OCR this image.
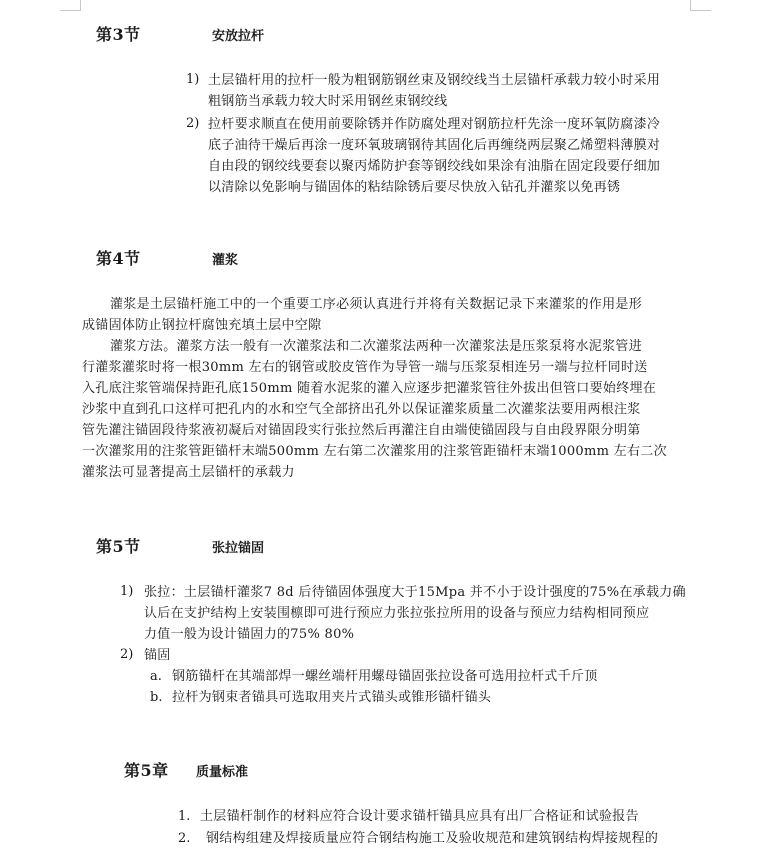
第3节	安放拉杆
1) 土层锚杆用的拉杆一般为粗钢筋钢丝束及钢绞线当土层锚杆承载力较小时采用
粗钢筋当承载力较大时采用钢丝束钢绞线
2) 拉杆要求顺直在使用前要除锈并作防腐处理对钢筋拉杆先涂一度环氧防腐漆冷
底子油待干燥后再涂一度环氧玻璃钢待其固化后再缠绕两层聚乙烯塑料薄膜对
自由段的钢绞线要套以聚丙烯防护套等钢绞线如果涂有油脂在固定段要仔细加
以清除以免影响与锚固体的粘结除锈后要尽快放入钻孔并灌浆以免再锈
第4节	灌浆
灌浆是土层锚杆施工中的一个重要工序必须认真进行并将有关数据记录下来灌浆的作用是形
成锚固体防止钢拉杆腐蚀充填土层中空隙
灌浆方法。灌浆方法一般有一次灌浆法和二次灌浆法两种一次灌浆法是压浆泵将水泥浆管进
行灌浆灌浆时将一根30mm 左右的钢管或胶皮管作为导管一端与压浆泵相连另一端与拉杆同时送
入孔底注浆管端保持距孔底150mm 随着水泥浆的灌入应逐步把灌浆管往外拔出但管口要始终埋在
沙浆中直到孔口这样可把孔内的水和空气全部挤出孔外以保证灌浆质量二次灌浆法要用两根注浆
管先灌注锚固段待浆液初凝后对锚固段实行张拉然后再灌注自由端使锚固段与自由段界限分明第
一次灌浆用的注浆管距锚杆末端500mm 左右第二次灌浆用的注浆管距锚杆末端1000mm 左右二次
灌浆法可显著提高土层锚杆的承载力
第5节	张拉锚固
1) 张拉：土层锚杆灌浆7 8d 后待锚固体强度大于15Mpa 并不小于设计强度的75%在承载力确
认后在支护结构上安装围檩即可进行预应力张拉张拉所用的设备与预应力结构相同预应
力值一般为设计锚固力的75% 80%
2) 锚固
a. 钢筋锚杆在其端部焊一螺丝端杆用螺母锚固张拉设备可选用拉杆式千斤顶
b. 拉杆为钢束者锚具可选取用夹片式锚头或锥形锚杆锚头
第5章 质量标准
1. 土层锚杆制作的材料应符合设计要求锚杆锚具应具有出厂合格证和试验报告
2. 钢结构组建及焊接质量应符合钢结构施工及验收规范和建筑钢结构焊接规程的
